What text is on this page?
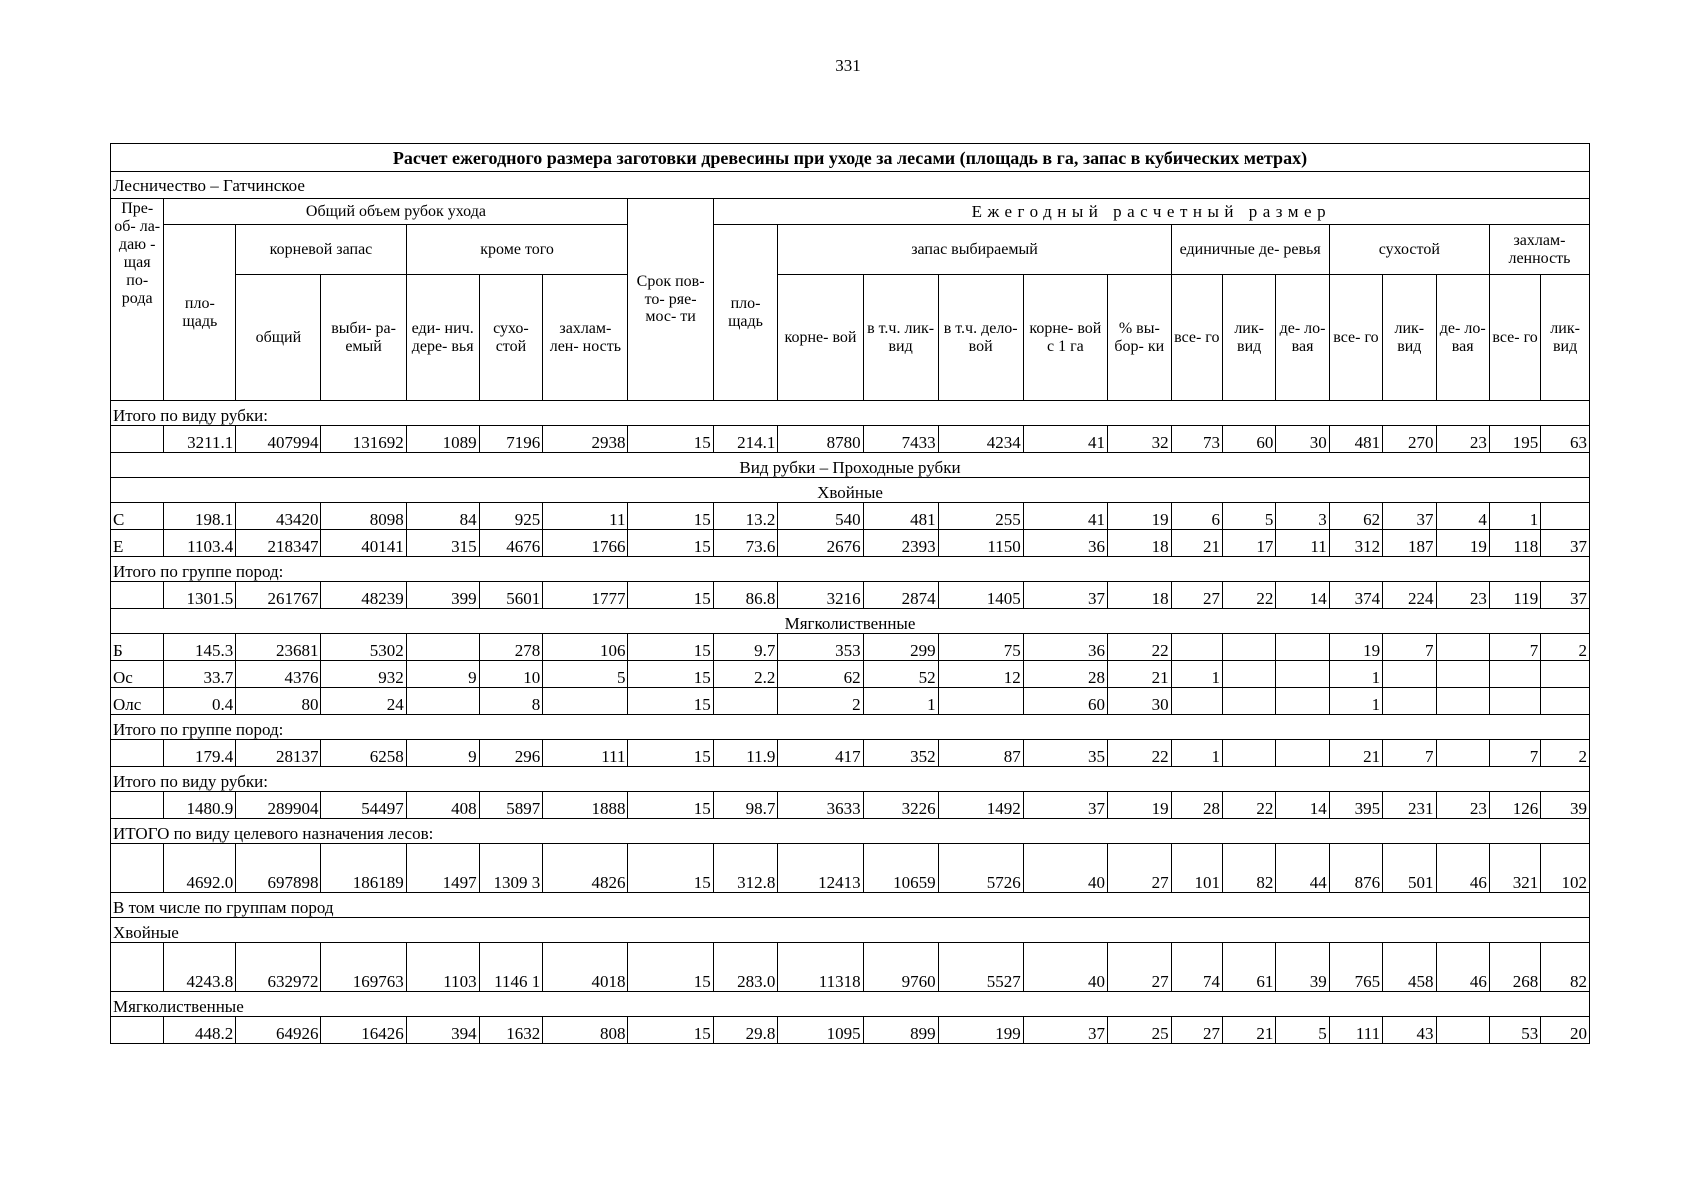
331
Расчет ежегодного размера заготовки древесины при уходе за лесами (площадь в га, запас в кубических метрах)																					
Лесничество – Гатчинское																					
Пре- об- ла- даю - щая по- рода	Общий объем рубок ухода						Срок пов- то- ряе- мос- ти	Ежегодный расчетный размер													
	пло- щадь	корневой запас		кроме того				пло- щадь	запас выбираемый					единичные де- ревья			сухостой			захлам- ленность	
		общий	выби- ра- емый	еди- нич. дере- вья	сухо- стой	захлам- лен- ность			корне- вой	в т.ч. лик- вид	в т.ч. дело- вой	корне- вой с 1 га	% вы- бор- ки	все- го	лик- вид	де- ло- вая	все- го	лик- вид	де- ло- вая	все- го	лик- вид
Итого по виду рубки:																					
	3211.1	407994	131692	1089	7196	2938	15	214.1	8780	7433	4234	41	32	73	60	30	481	270	23	195	63
Вид рубки – Проходные рубки																					
Хвойные																					
С	198.1	43420	8098	84	925	11	15	13.2	540	481	255	41	19	6	5	3	62	37	4	1	
Е	1103.4	218347	40141	315	4676	1766	15	73.6	2676	2393	1150	36	18	21	17	11	312	187	19	118	37
Итого по группе пород:																					
	1301.5	261767	48239	399	5601	1777	15	86.8	3216	2874	1405	37	18	27	22	14	374	224	23	119	37
Мягколиственные																					
Б	145.3	23681	5302		278	106	15	9.7	353	299	75	36	22				19	7		7	2
Ос	33.7	4376	932	9	10	5	15	2.2	62	52	12	28	21	1			1				
Олс	0.4	80	24		8		15		2	1		60	30				1				
Итого по группе пород:																					
	179.4	28137	6258	9	296	111	15	11.9	417	352	87	35	22	1			21	7		7	2
Итого по виду рубки:																					
	1480.9	289904	54497	408	5897	1888	15	98.7	3633	3226	1492	37	19	28	22	14	395	231	23	126	39
ИТОГО по виду целевого назначения лесов:																					
	4692.0	697898	186189	1497	1309 3	4826	15	312.8	12413	10659	5726	40	27	101	82	44	876	501	46	321	102
В том числе по группам пород																					
Хвойные																					
	4243.8	632972	169763	1103	1146 1	4018	15	283.0	11318	9760	5527	40	27	74	61	39	765	458	46	268	82
Мягколиственные																					
	448.2	64926	16426	394	1632	808	15	29.8	1095	899	199	37	25	27	21	5	111	43		53	20
